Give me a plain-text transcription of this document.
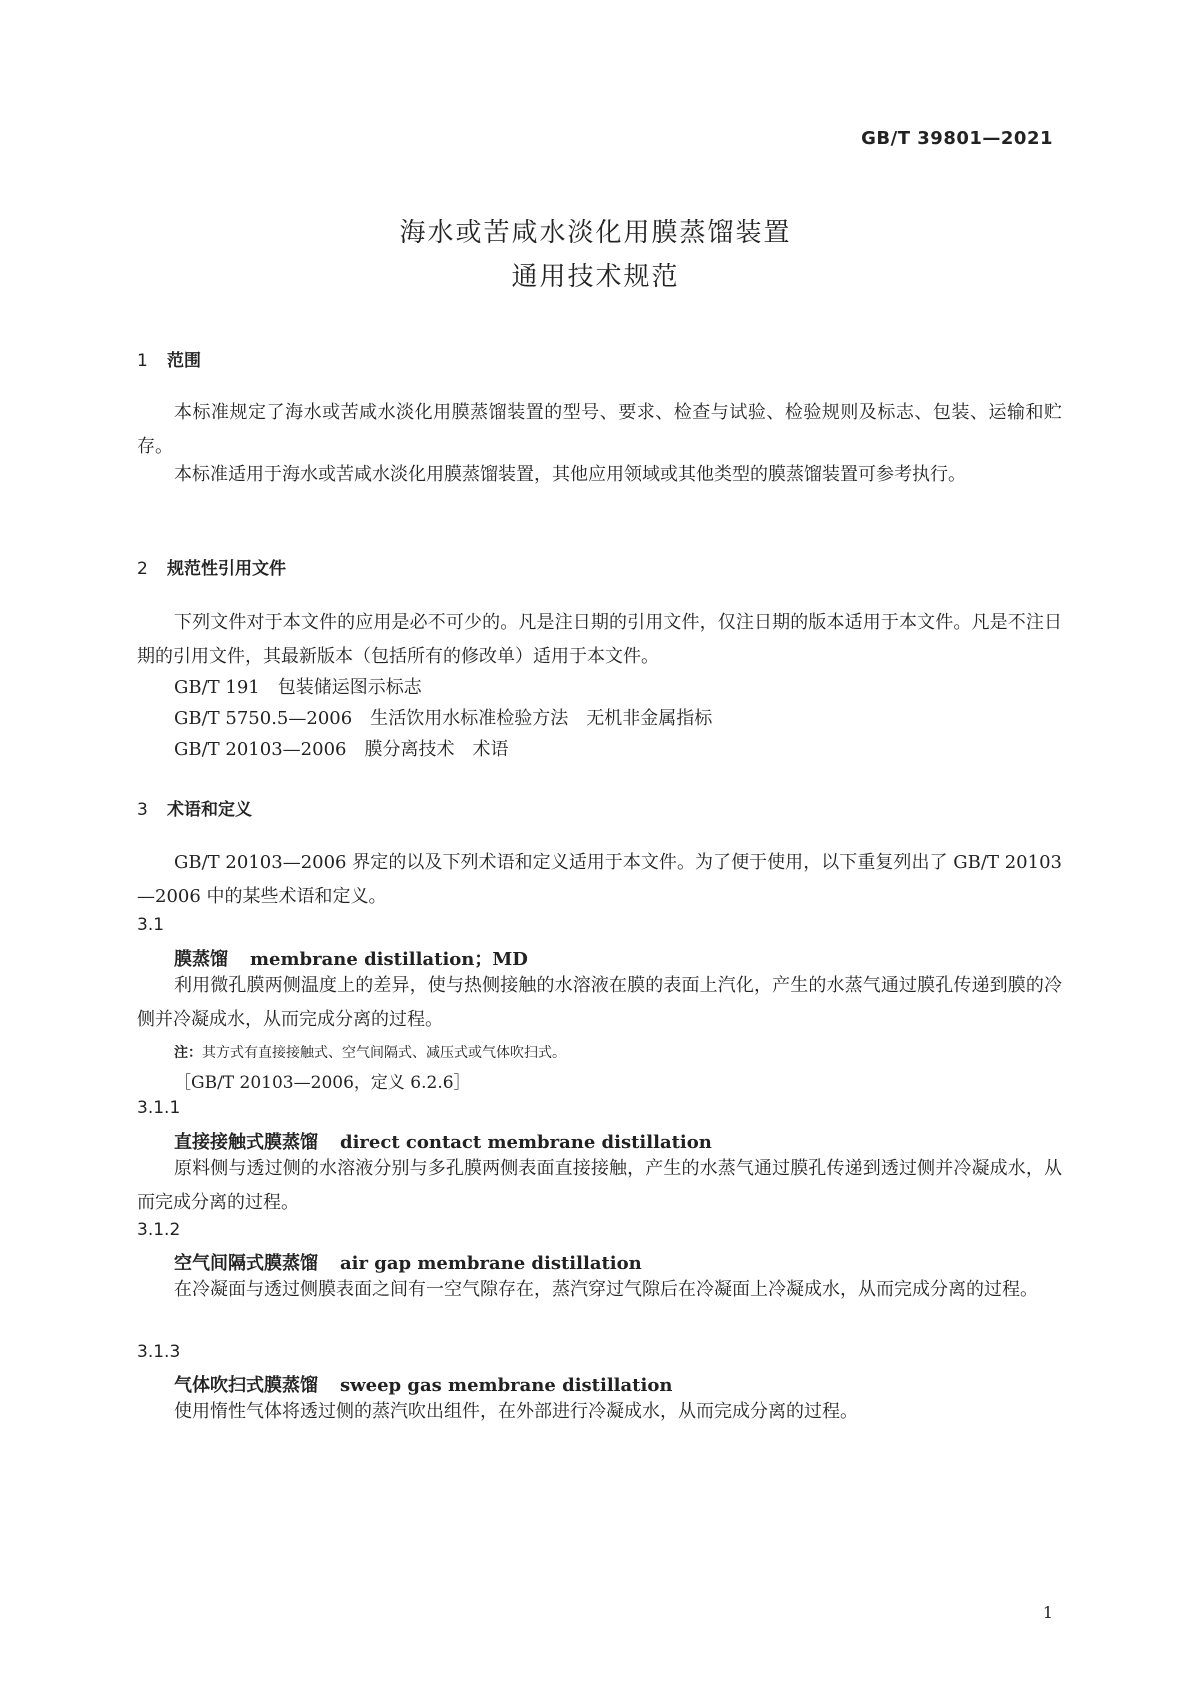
GB/T 39801—2021
海水或苦咸水淡化用膜蒸馏装置
通用技术规范
1 范围
本标准规定了海水或苦咸水淡化用膜蒸馏装置的型号、要求、检查与试验、检验规则及标志、包装、运输和贮存。
本标准适用于海水或苦咸水淡化用膜蒸馏装置，其他应用领域或其他类型的膜蒸馏装置可参考执行。
2 规范性引用文件
下列文件对于本文件的应用是必不可少的。凡是注日期的引用文件，仅注日期的版本适用于本文件。凡是不注日期的引用文件，其最新版本（包括所有的修改单）适用于本文件。
GB/T 191 包装储运图示标志
GB/T 5750.5—2006 生活饮用水标准检验方法　无机非金属指标
GB/T 20103—2006 膜分离技术　术语
3 术语和定义
GB/T 20103—2006 界定的以及下列术语和定义适用于本文件。为了便于使用，以下重复列出了 GB/T 20103—2006 中的某些术语和定义。
3.1
膜蒸馏 membrane distillation；MD
利用微孔膜两侧温度上的差异，使与热侧接触的水溶液在膜的表面上汽化，产生的水蒸气通过膜孔传递到膜的冷侧并冷凝成水，从而完成分离的过程。
注：其方式有直接接触式、空气间隔式、减压式或气体吹扫式。
［GB/T 20103—2006，定义 6.2.6］
3.1.1
直接接触式膜蒸馏 direct contact membrane distillation
原料侧与透过侧的水溶液分别与多孔膜两侧表面直接接触，产生的水蒸气通过膜孔传递到透过侧并冷凝成水，从而完成分离的过程。
3.1.2
空气间隔式膜蒸馏 air gap membrane distillation
在冷凝面与透过侧膜表面之间有一空气隙存在，蒸汽穿过气隙后在冷凝面上冷凝成水，从而完成分离的过程。
3.1.3
气体吹扫式膜蒸馏 sweep gas membrane distillation
使用惰性气体将透过侧的蒸汽吹出组件，在外部进行冷凝成水，从而完成分离的过程。
1
